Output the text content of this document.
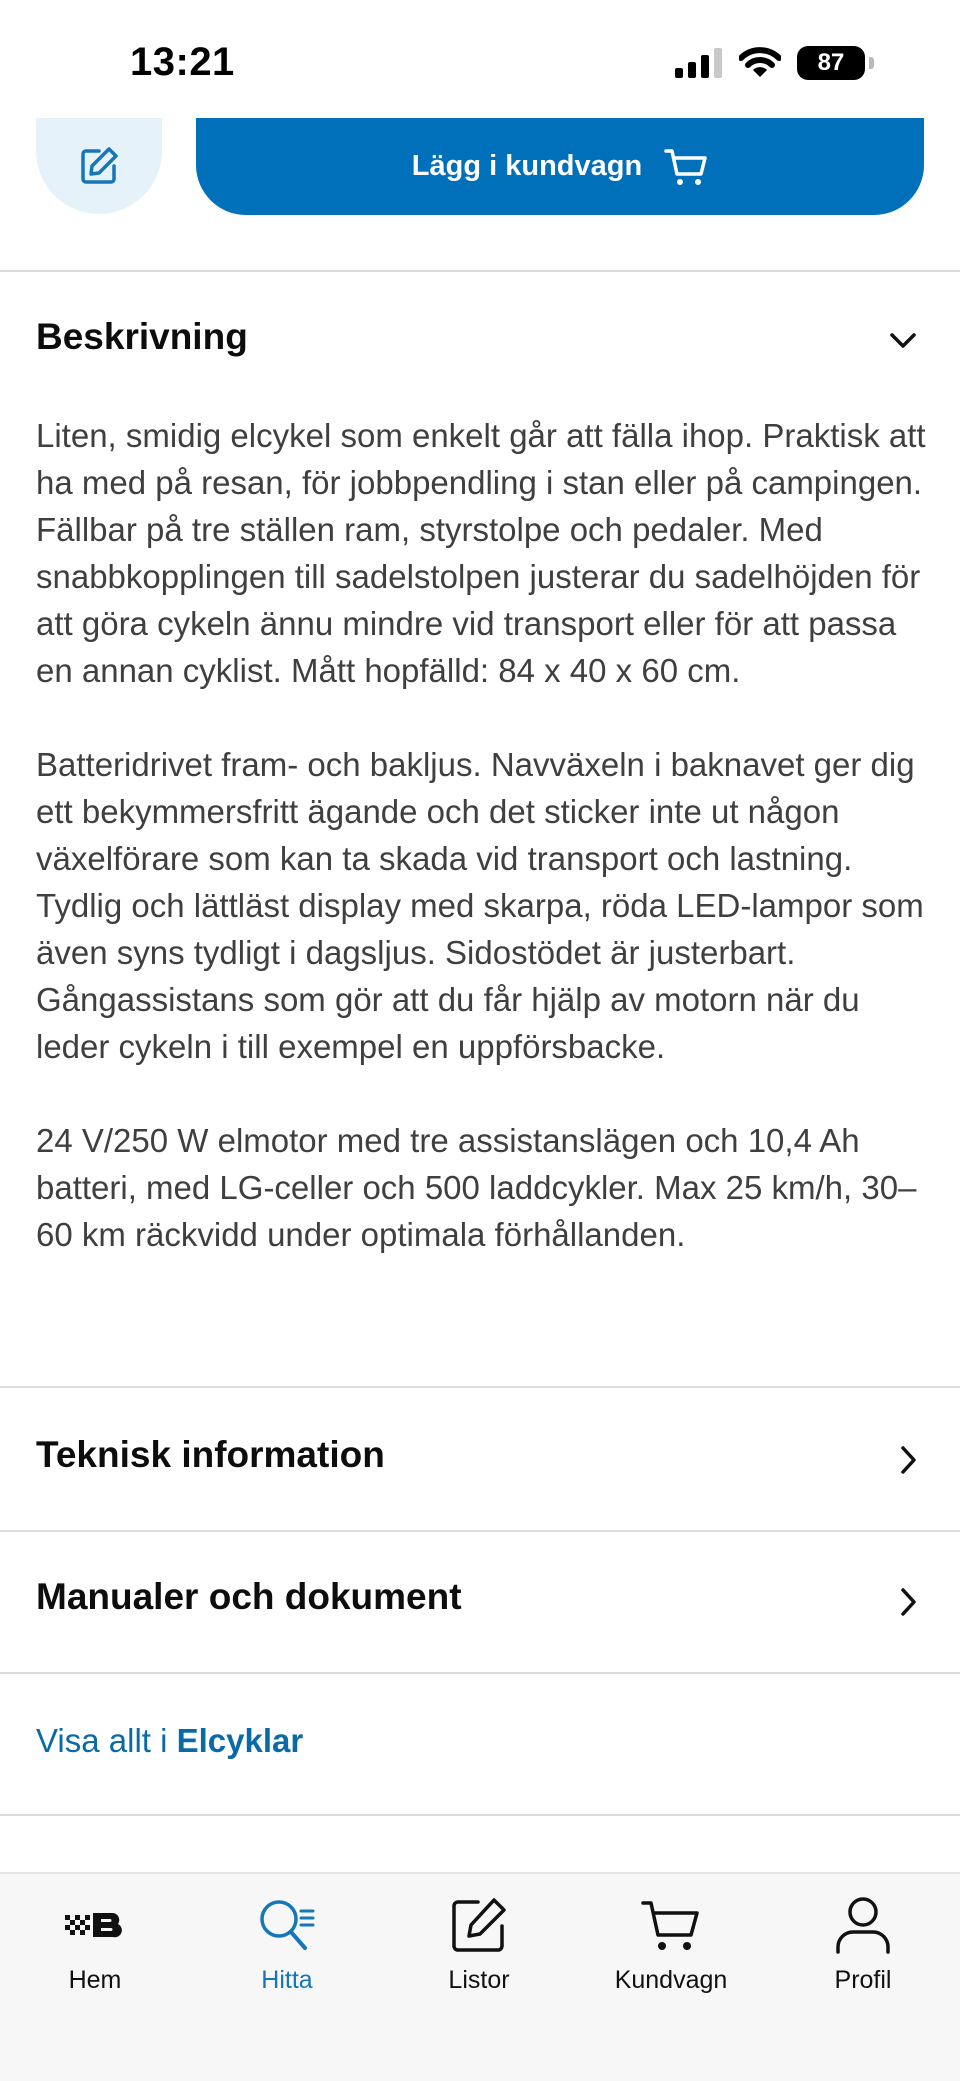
13:21	87
Lägg i kundvagn
Beskrivning

Liten, smidig elcykel som enkelt går att fälla ihop. Praktisk att ha med på resan, för jobbpendling i stan eller på campingen. Fällbar på tre ställen ram, styrstolpe och pedaler. Med snabbkopplingen till sadelstolpen justerar du sadelhöjden för att göra cykeln ännu mindre vid transport eller för att passa en annan cyklist. Mått hopfälld: 84 x 40 x 60 cm.

Batteridrivet fram- och bakljus. Navväxeln i baknavet ger dig ett bekymmersfritt ägande och det sticker inte ut någon växelförare som kan ta skada vid transport och lastning. Tydlig och lättläst display med skarpa, röda LED-lampor som även syns tydligt i dagsljus. Sidostödet är justerbart. Gångassistans som gör att du får hjälp av motorn när du leder cykeln i till exempel en uppförsbacke.

24 V/250 W elmotor med tre assistanslägen och 10,4 Ah batteri, med LG-celler och 500 laddcykler. Max 25 km/h, 30–60 km räckvidd under optimala förhållanden.

Teknisk information
Manualer och dokument
Visa allt i Elcyklar
Hem	Hitta	Listor	Kundvagn	Profil
